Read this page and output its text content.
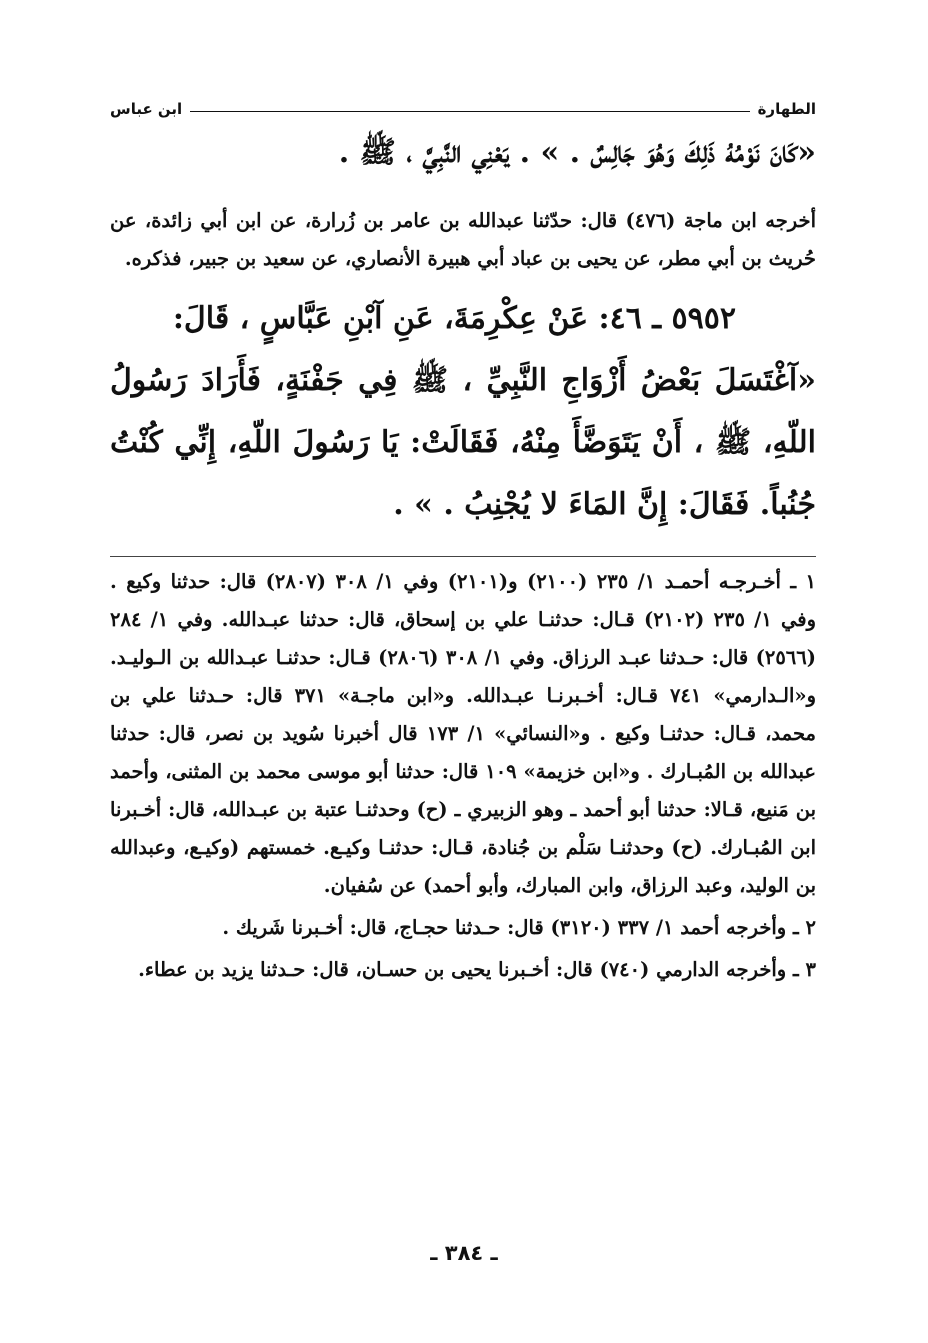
الطهارة
ابن عباس
«كَانَ نَوْمُهُ ذَلِكَ وَهُوَ جَالِسٌ . » . يَعْنِي النَّبِيَّ ، ﷺ .
أخرجه ابن ماجة (٤٧٦) قال: حدّثنا عبدالله بن عامر بن زُرارة، عن ابن أبي زائدة، عن حُريث بن أبي مطر، عن يحيى بن عباد أبي هبيرة الأنصاري، عن سعيد بن جبير، فذكره.
٥٩٥٢ ـ ٤٦: عَنْ عِكْرِمَةَ، عَنِ آبْنِ عَبَّاسٍ ، قَالَ:
«آغْتَسَلَ بَعْضُ أَزْوَاجِ النَّبِيِّ ، ﷺ فِي جَفْنَةٍ، فَأَرَادَ رَسُولُ اللّهِ، ﷺ ، أَنْ يَتَوَضَّأَ مِنْهُ، فَقَالَتْ: يَا رَسُولَ اللّهِ، إِنِّي كُنْتُ جُنُباً. فَقَالَ: إِنَّ المَاءَ لا يُجْنِبُ . » .
١ ـ أخـرجـه أحمـد ١/ ٢٣٥ (٢١٠٠) و(٢١٠١) وفي ١/ ٣٠٨ (٢٨٠٧) قال: حدثنا وكيع . وفي ١/ ٢٣٥ (٢١٠٢) قـال: حدثنـا علي بن إسحاق، قال: حدثنا عبـدالله. وفي ١/ ٢٨٤ (٢٥٦٦) قال: حـدثنا عبـد الرزاق. وفي ١/ ٣٠٨ (٢٨٠٦) قـال: حدثنـا عبـدالله بن الـوليـد. و«الـدارمي» ٧٤١ قـال: أخـبرنـا عبـدالله. و«ابن ماجـة» ٣٧١ قال: حـدثنا علي بن محمد، قـال: حدثنـا وكيع . و«النسائي» ١/ ١٧٣ قال أخبرنا سُويد بن نصر، قال: حدثنا عبدالله بن المُبـارك . و«ابن خزيمة» ١٠٩ قال: حدثنا أبو موسى محمد بن المثنى، وأحمد بن مَنيع، قـالا: حدثنا أبو أحمد ـ وهو الزبيري ـ (ح) وحدثنـا عتبة بن عبـدالله، قال: أخـبرنا ابن المُبـارك. (ح) وحدثنـا سَلْم بن جُنادة، قـال: حدثنـا وكيـع. خمستهم (وكيـع، وعبدالله بن الوليد، وعبد الرزاق، وابن المبارك، وأبو أحمد) عن سُفيان.
٢ ـ وأخرجه أحمد ١/ ٣٣٧ (٣١٢٠) قال: حـدثنا حجـاج، قال: أخـبرنا شَريك .
٣ ـ وأخرجه الدارمي (٧٤٠) قال: أخـبرنا يحيى بن حسـان، قال: حـدثنا يزيد بن عطاء.
ـ ٣٨٤ ـ
